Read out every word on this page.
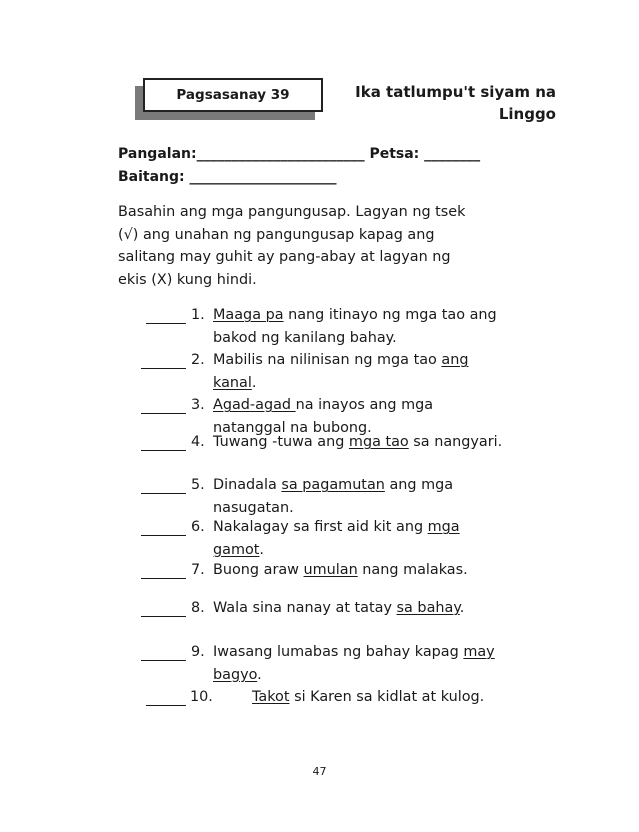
Pagsasanay 39	Ika tatlumpu't siyam na
Linggo
Pangalan:________________________ Petsa: ________
Baitang: _____________________
Basahin ang mga pangungusap. Lagyan ng tsek
(√) ang unahan ng pangungusap kapag ang
salitang may guhit ay pang-abay at lagyan ng
ekis (X) kung hindi.
1. Maaga pa nang itinayo ng mga tao ang
bakod ng kanilang bahay.
2. Mabilis na nilinisan ng mga tao ang
kanal.
3. Agad-agad na inayos ang mga
natanggal na bubong.
4. Tuwang -tuwa ang mga tao sa nangyari.
5. Dinadala sa pagamutan ang mga
nasugatan.
6. Nakalagay sa first aid kit ang mga
gamot.
7. Buong araw umulan nang malakas.
8. Wala sina nanay at tatay sa bahay.
9. Iwasang lumabas ng bahay kapag may
bagyo.
10.	Takot si Karen sa kidlat at kulog.
47
